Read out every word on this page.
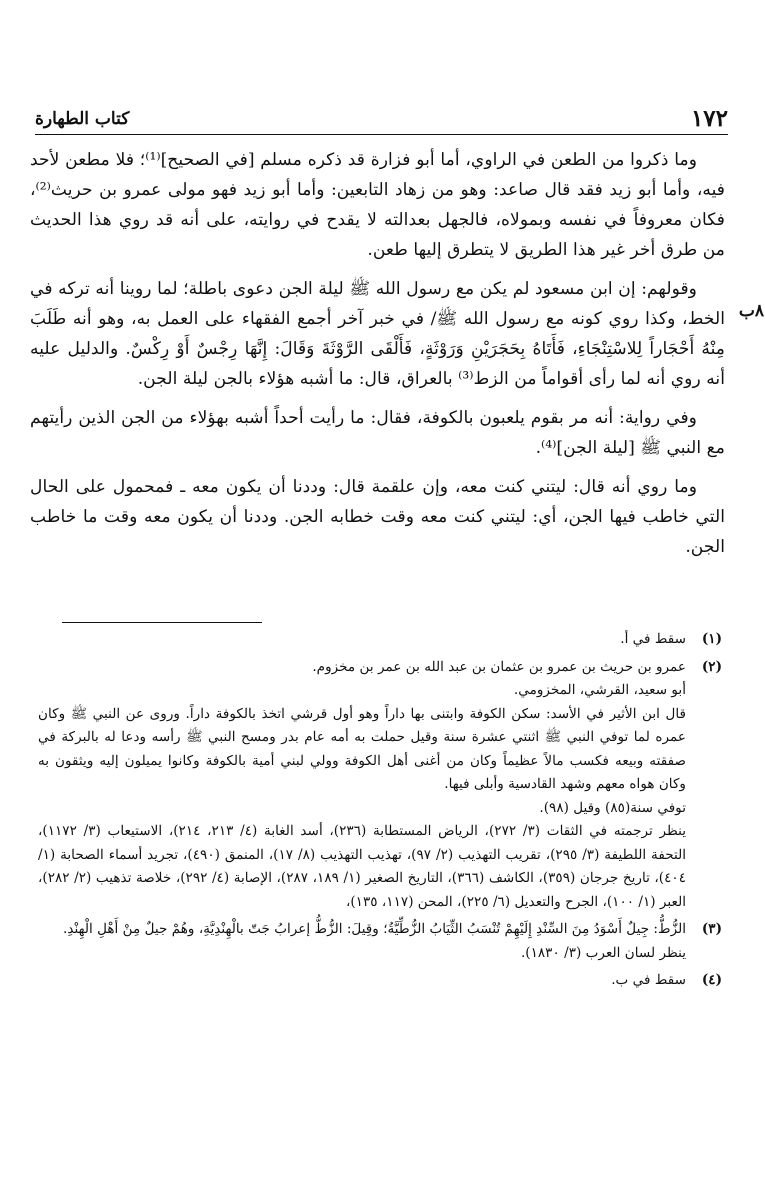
١٧٢
كتاب الطهارة
٨ب

وما ذكروا من الطعن في الراوي، أما أبو فزارة قد ذكره مسلم [في الصحيح]⁽¹⁾؛ فلا مطعن لأحد فيه، وأما أبو زيد فقد قال صاعد: وهو من زهاد التابعين: وأما أبو زيد فهو مولى عمرو بن حريث⁽²⁾، فكان معروفاً في نفسه وبمولاه، فالجهل بعدالته لا يقدح في روايته، على أنه قد روي هذا الحديث من طرق أخر غير هذا الطريق لا يتطرق إليها طعن.

وقولهم: إن ابن مسعود لم يكن مع رسول الله ﷺ ليلة الجن دعوى باطلة؛ لما روينا أنه تركه في الخط، وكذا روي كونه مع رسول الله ﷺ/ في خبر آخر أجمع الفقهاء على العمل به، وهو أنه طَلَبَ مِنْهُ أَحْجَاراً لِلاسْتِنْجَاءِ، فَأَتَاهُ بِحَجَرَيْنِ وَرَوْثَةٍ، فَأَلْقَى الرَّوْثَةَ وَقَالَ: إِنَّهَا رِجْسٌ أَوْ رِكْسٌ. والدليل عليه أنه روي أنه لما رأى أقواماً من الزط⁽³⁾ بالعراق، قال: ما أشبه هؤلاء بالجن ليلة الجن.

وفي رواية: أنه مر بقوم يلعبون بالكوفة، فقال: ما رأيت أحداً أشبه بهؤلاء من الجن الذين رأيتهم مع النبي ﷺ [ليلة الجن]⁽⁴⁾.

وما روي أنه قال: ليتني كنت معه، وإن علقمة قال: وددنا أن يكون معه ـ فمحمول على الحال التي خاطب فيها الجن، أي: ليتني كنت معه وقت خطابه الجن. وددنا أن يكون معه وقت ما خاطب الجن.

(١)
سقط في أ.
(٢)
عمرو بن حريث بن عمرو بن عثمان بن عبد الله بن عمر بن مخزوم.
أبو سعيد، القرشي، المخزومي.
قال ابن الأثير في الأسد: سكن الكوفة وابتنى بها داراً وهو أول قرشي اتخذ بالكوفة داراً. وروى عن النبي ﷺ وكان عمره لما توفي النبي ﷺ اثنتي عشرة سنة وقيل حملت به أمه عام بدر ومسح النبي ﷺ رأسه ودعا له بالبركة في صفقته وبيعه فكسب مالاً عظيماً وكان من أغنى أهل الكوفة وولي لبني أمية بالكوفة وكانوا يميلون إليه ويثقون به وكان هواه معهم وشهد القادسية وأبلى فيها.
توفي سنة(٨٥) وقيل (٩٨).
ينظر ترجمته في الثقات (٣/ ٢٧٢)، الرياض المستطابة (٢٣٦)، أسد الغابة (٤/ ٢١٣، ٢١٤)، الاستيعاب (٣/ ١١٧٢)، التحفة اللطيفة (٣/ ٢٩٥)، تقريب التهذيب (٢/ ٩٧)، تهذيب التهذيب (٨/ ١٧)، المنمق (٤٩٠)، تجريد أسماء الصحابة (١/ ٤٠٤)، تاريخ جرجان (٣٥٩)، الكاشف (٣٦٦)، التاريخ الصغير (١/ ١٨٩، ٢٨٧)، الإصابة (٤/ ٢٩٢)، خلاصة تذهيب (٢/ ٢٨٢)، العبر (١/ ١٠٠)، الجرح والتعديل (٦/ ٢٢٥)، المحن (١١٧، ١٣٥)،
(٣)
الزُّطُّ: جِيلٌ أَسْوَدُ مِنَ السِّنْدِ إِلَيْهِمْ تُنْسَبُ الثِّيَابُ الزُّطِّيَّةُ؛ وقِيلَ: الزُّطُّ إعرابُ جَتّ بالْهِنْدِيَّةِ، وهُمْ جيلٌ مِنْ أَهْلِ الْهِنْدِ.
ينظر لسان العرب (٣/ ١٨٣٠).
(٤)
سقط في ب.
